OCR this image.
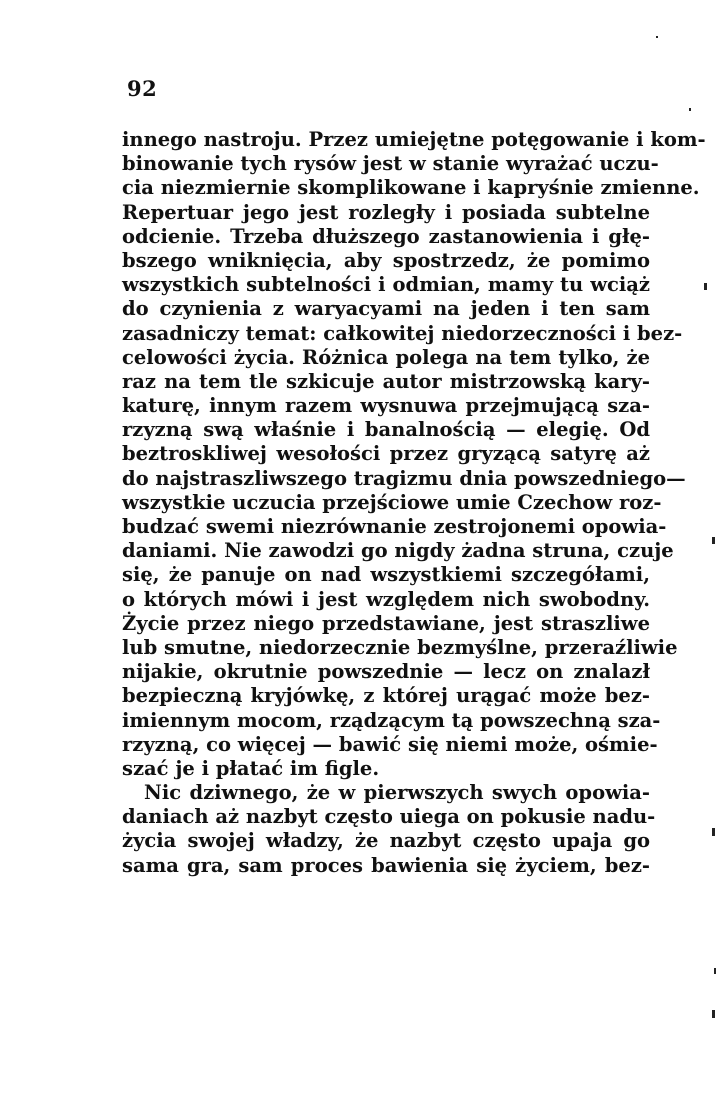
92
innego nastroju. Przez umiejętne potęgowanie i kom-
binowanie tych rysów jest w stanie wyrażać uczu-
cia niezmiernie skomplikowane i kapryśnie zmienne.
Repertuar jego jest rozległy i posiada subtelne
odcienie. Trzeba dłuższego zastanowienia i głę-
bszego wniknięcia, aby spostrzedz, że pomimo
wszystkich subtelności i odmian, mamy tu wciąż
do czynienia z waryacyami na jeden i ten sam
zasadniczy temat: całkowitej niedorzeczności i bez-
celowości życia. Różnica polega na tem tylko, że
raz na tem tle szkicuje autor mistrzowską kary-
katurę, innym razem wysnuwa przejmującą sza-
rzyzną swą właśnie i banalnością — elegię. Od
beztroskliwej wesołości przez gryzącą satyrę aż
do najstraszliwszego tragizmu dnia powszedniego—
wszystkie uczucia przejściowe umie Czechow roz-
budzać swemi niezrównanie zestrojonemi opowia-
daniami. Nie zawodzi go nigdy żadna struna, czuje
się, że panuje on nad wszystkiemi szczegółami,
o których mówi i jest względem nich swobodny.
Życie przez niego przedstawiane, jest straszliwe
lub smutne, niedorzecznie bezmyślne, przeraźliwie
nijakie, okrutnie powszednie — lecz on znalazł
bezpieczną kryjówkę, z której urągać może bez-
imiennym mocom, rządzącym tą powszechną sza-
rzyzną, co więcej — bawić się niemi może, ośmie-
szać je i płatać im figle.
Nic dziwnego, że w pierwszych swych opowia-
daniach aż nazbyt często uiega on pokusie nadu-
życia swojej władzy, że nazbyt często upaja go
sama gra, sam proces bawienia się życiem, bez-
